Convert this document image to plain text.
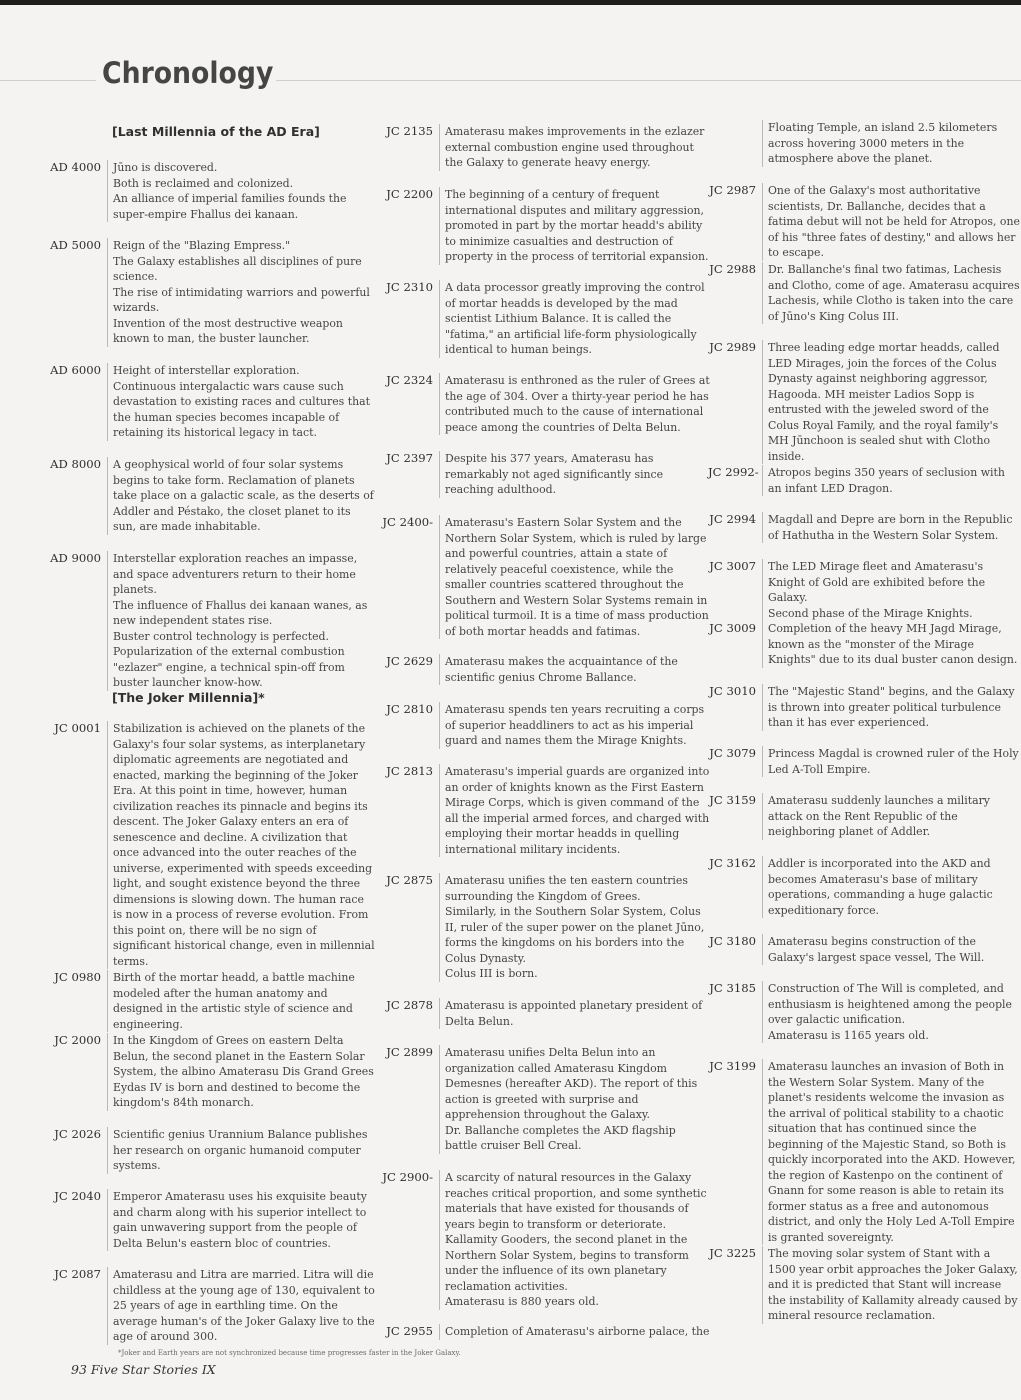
Chronology
[Last Millennia of the AD Era]
[The Joker Millennia]*
AD 4000	Jūno is discovered.

Both is reclaimed and colonized.

An alliance of imperial families founds the super-empire Fhallus dei kanaan.

AD 5000	Reign of the "Blazing Empress."

The Galaxy establishes all disciplines of pure science.

The rise of intimidating warriors and powerful wizards.

Invention of the most destructive weapon known to man, the buster launcher.

AD 6000	Height of interstellar exploration.

Continuous intergalactic wars cause such devastation to existing races and cultures that the human species becomes incapable of retaining its historical legacy in tact.

AD 8000	A geophysical world of four solar systems begins to take form. Reclamation of planets take place on a galactic scale, as the deserts of Addler and Péstako, the closet planet to its sun, are made inhabitable.

AD 9000	Interstellar exploration reaches an impasse, and space adventurers return to their home planets.

The influence of Fhallus dei kanaan wanes, as new independent states rise.

Buster control technology is perfected.

Popularization of the external combustion "ezlazer" engine, a technical spin-off from buster launcher know-how.

JC 0001	Stabilization is achieved on the planets of the Galaxy's four solar systems, as interplanetary diplomatic agreements are negotiated and enacted, marking the beginning of the Joker Era. At this point in time, however, human civilization reaches its pinnacle and begins its descent. The Joker Galaxy enters an era of senescence and decline. A civilization that once advanced into the outer reaches of the universe, experimented with speeds exceeding light, and sought existence beyond the three dimensions is slowing down. The human race is now in a process of reverse evolution. From this point on, there will be no sign of significant historical change, even in millennial terms.

JC 0980	Birth of the mortar headd, a battle machine modeled after the human anatomy and designed in the artistic style of science and engineering.

JC 2000	In the Kingdom of Grees on eastern Delta Belun, the second planet in the Eastern Solar System, the albino Amaterasu Dis Grand Grees Eydas IV is born and destined to become the kingdom's 84th monarch.

JC 2026	Scientific genius Urannium Balance publishes her research on organic humanoid computer systems.

JC 2040	Emperor Amaterasu uses his exquisite beauty and charm along with his superior intellect to gain unwavering support from the people of Delta Belun's eastern bloc of countries.

JC 2087	Amaterasu and Litra are married. Litra will die childless at the young age of 130, equivalent to 25 years of age in earthling time. On the average human's of the Joker Galaxy live to the age of around 300.

JC 2135	Amaterasu makes improvements in the ezlazer external combustion engine used throughout the Galaxy to generate heavy energy.

JC 2200	The beginning of a century of frequent international disputes and military aggression, promoted in part by the mortar headd's ability to minimize casualties and destruction of property in the process of territorial expansion.

JC 2310	A data processor greatly improving the control of mortar headds is developed by the mad scientist Lithium Balance. It is called the "fatima," an artificial life-form physiologically identical to human beings.

JC 2324	Amaterasu is enthroned as the ruler of Grees at the age of 304. Over a thirty-year period he has contributed much to the cause of international peace among the countries of Delta Belun.

JC 2397	Despite his 377 years, Amaterasu has remarkably not aged significantly since reaching adulthood.

JC 2400-	Amaterasu's Eastern Solar System and the Northern Solar System, which is ruled by large and powerful countries, attain a state of relatively peaceful coexistence, while the smaller countries scattered throughout the Southern and Western Solar Systems remain in political turmoil. It is a time of mass production of both mortar headds and fatimas.

JC 2629	Amaterasu makes the acquaintance of the scientific genius Chrome Ballance.

JC 2810	Amaterasu spends ten years recruiting a corps of superior headdliners to act as his imperial guard and names them the Mirage Knights.

JC 2813	Amaterasu's imperial guards are organized into an order of knights known as the First Eastern Mirage Corps, which is given command of the all the imperial armed forces, and charged with employing their mortar headds in quelling international military incidents.

JC 2875	Amaterasu unifies the ten eastern countries surrounding the Kingdom of Grees.

Similarly, in the Southern Solar System, Colus II, ruler of the super power on the planet Jūno, forms the kingdoms on his borders into the Colus Dynasty.

Colus III is born.

JC 2878	Amaterasu is appointed planetary president of Delta Belun.

JC 2899	Amaterasu unifies Delta Belun into an organization called Amaterasu Kingdom Demesnes (hereafter AKD). The report of this action is greeted with surprise and apprehension throughout the Galaxy.

Dr. Ballanche completes the AKD flagship battle cruiser Bell Creal.

JC 2900-	A scarcity of natural resources in the Galaxy reaches critical proportion, and some synthetic materials that have existed for thousands of years begin to transform or deteriorate.

Kallamity Gooders, the second planet in the Northern Solar System, begins to transform under the influence of its own planetary reclamation activities.

Amaterasu is 880 years old.

JC 2955	Completion of Amaterasu's airborne palace, the

Floating Temple, an island 2.5 kilometers across hovering 3000 meters in the atmosphere above the planet.

JC 2987	One of the Galaxy's most authoritative scientists, Dr. Ballanche, decides that a fatima debut will not be held for Atropos, one of his "three fates of destiny," and allows her to escape.

JC 2988	Dr. Ballanche's final two fatimas, Lachesis and Clotho, come of age. Amaterasu acquires Lachesis, while Clotho is taken into the care of Jūno's King Colus III.

JC 2989	Three leading edge mortar headds, called LED Mirages, join the forces of the Colus Dynasty against neighboring aggressor, Hagooda. MH meister Ladios Sopp is entrusted with the jeweled sword of the Colus Royal Family, and the royal family's MH Jūnchoon is sealed shut with Clotho inside.

JC 2992- Atropos begins 350 years of seclusion with an infant LED Dragon.

JC 2994	Magdall and Depre are born in the Republic of Hathutha in the Western Solar System.

JC 3007	The LED Mirage fleet and Amaterasu's Knight of Gold are exhibited before the Galaxy.

Second phase of the Mirage Knights.

JC 3009	Completion of the heavy MH Jagd Mirage, known as the "monster of the Mirage Knights" due to its dual buster canon design.

JC 3010	The "Majestic Stand" begins, and the Galaxy is thrown into greater political turbulence than it has ever experienced.

JC 3079	Princess Magdal is crowned ruler of the Holy Led A-Toll Empire.

JC 3159	Amaterasu suddenly launches a military attack on the Rent Republic of the neighboring planet of Addler.

JC 3162	Addler is incorporated into the AKD and becomes Amaterasu's base of military operations, commanding a huge galactic expeditionary force.

JC 3180	Amaterasu begins construction of the Galaxy's largest space vessel, The Will.

JC 3185	Construction of The Will is completed, and enthusiasm is heightened among the people over galactic unification.

Amaterasu is 1165 years old.

JC 3199	Amaterasu launches an invasion of Both in the Western Solar System. Many of the planet's residents welcome the invasion as the arrival of political stability to a chaotic situation that has continued since the beginning of the Majestic Stand, so Both is quickly incorporated into the AKD. However, the region of Kastenpo on the continent of Gnann for some reason is able to retain its former status as a free and autonomous district, and only the Holy Led A-Toll Empire is granted sovereignty.

JC 3225	The moving solar system of Stant with a 1500 year orbit approaches the Joker Galaxy, and it is predicted that Stant will increase the instability of Kallamity already caused by mineral resource reclamation.

*Joker and Earth years are not synchronized because time progresses faster in the Joker Galaxy.
93 Five Star Stories IX
